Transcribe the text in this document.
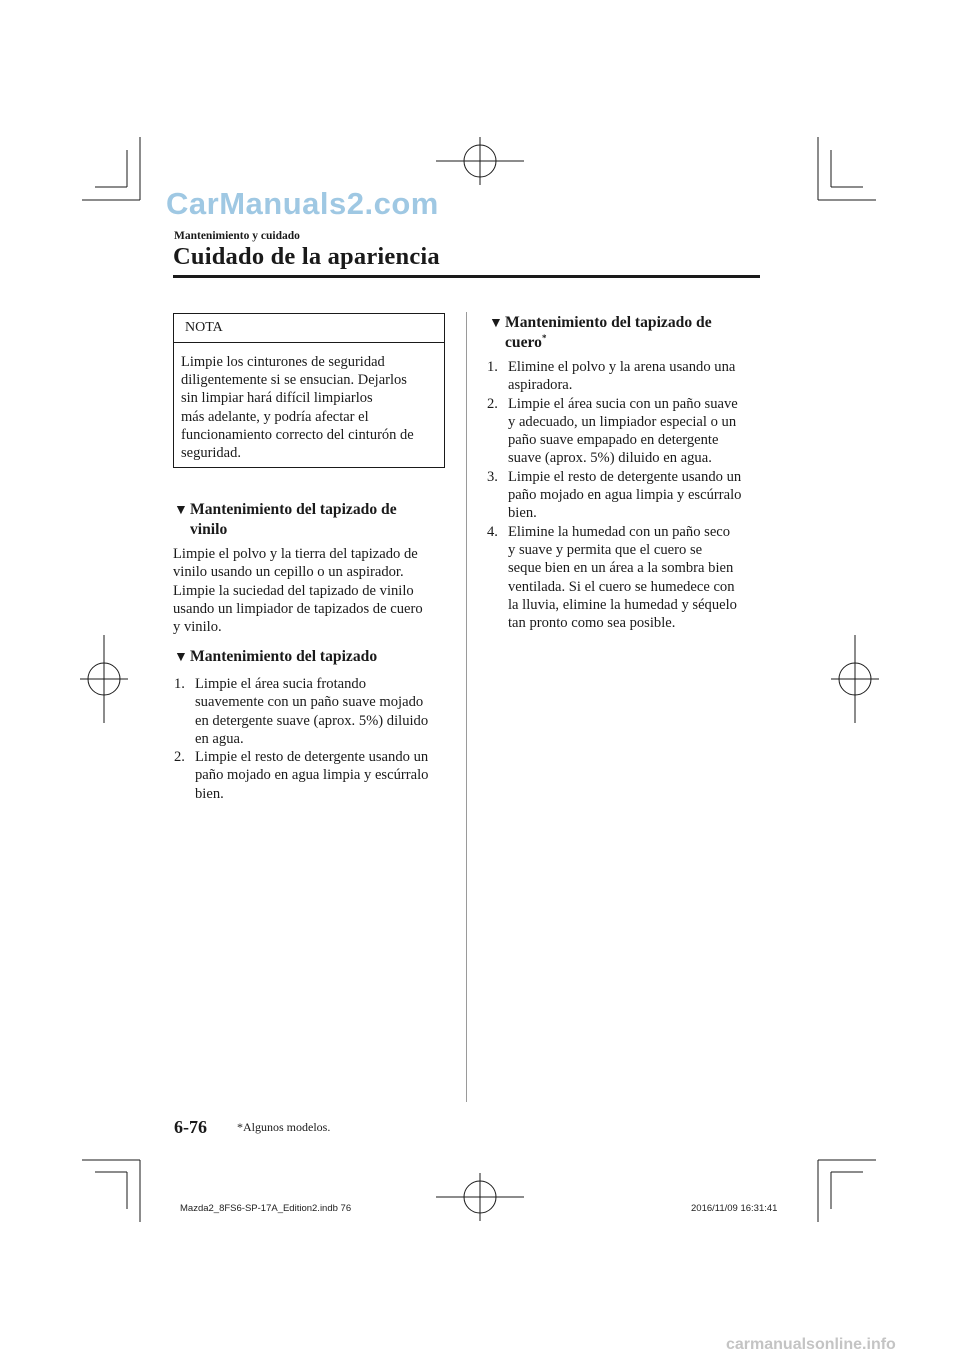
CarManuals2.com
Mantenimiento y cuidado
Cuidado de la apariencia
NOTA
Limpie los cinturones de seguridad
diligentemente si se ensucian. Dejarlos
sin limpiar hará difícil limpiarlos
más adelante, y podría afectar el
funcionamiento correcto del cinturón de
seguridad.
▼ Mantenimiento del tapizado de
vinilo
Limpie el polvo y la tierra del tapizado de
vinilo usando un cepillo o un aspirador.
Limpie la suciedad del tapizado de vinilo
usando un limpiador de tapizados de cuero
y vinilo.
▼ Mantenimiento del tapizado
1. Limpie el área sucia frotando
suavemente con un paño suave mojado
en detergente suave (aprox. 5%) diluido
en agua.
2. Limpie el resto de detergente usando un
paño mojado en agua limpia y escúrralo
bien.
▼ Mantenimiento del tapizado de
cuero*
1. Elimine el polvo y la arena usando una
aspiradora.
2. Limpie el área sucia con un paño suave
y adecuado, un limpiador especial o un
paño suave empapado en detergente
suave (aprox. 5%) diluido en agua.
3. Limpie el resto de detergente usando un
paño mojado en agua limpia y escúrralo
bien.
4. Elimine la humedad con un paño seco
y suave y permita que el cuero se
seque bien en un área a la sombra bien
ventilada. Si el cuero se humedece con
la lluvia, elimine la humedad y séquelo
tan pronto como sea posible.
6-76	*Algunos modelos.
Mazda2_8FS6-SP-17A_Edition2.indb 76	2016/11/09 16:31:41
carmanualsonline.info
